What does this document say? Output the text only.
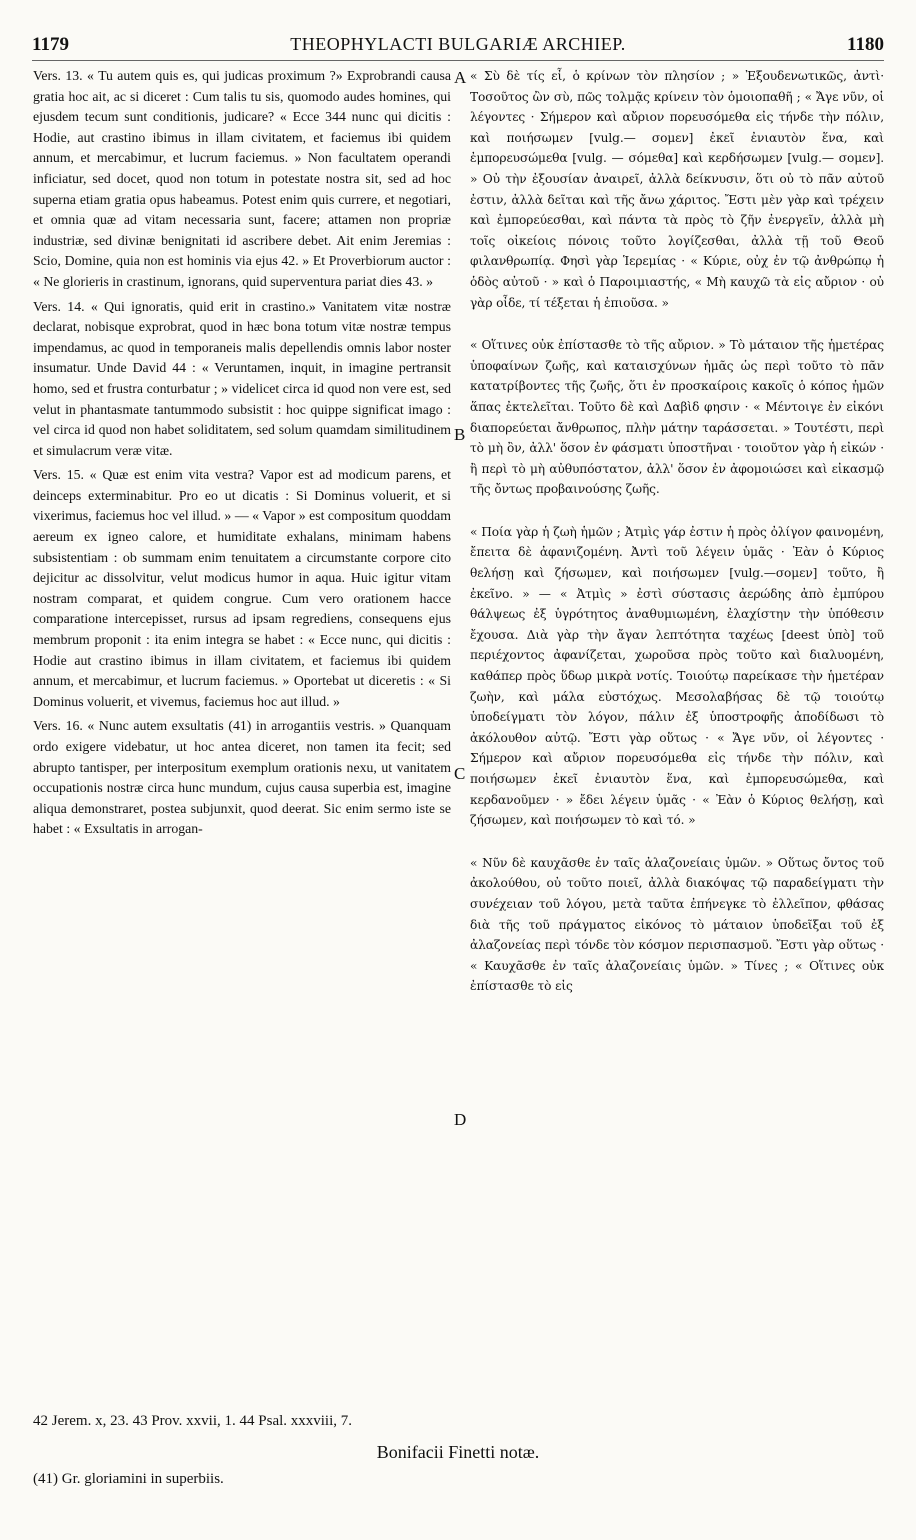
1179	THEOPHYLACTI BULGARIÆ ARCHIEP.	1180

Vers. 13. « Tu autem quis es, qui judicas proximum ?» Exprobrandi causa gratia hoc ait, ac si diceret : Cum talis tu sis, quomodo audes homines, qui ejusdem tecum sunt conditionis, judicare? « Ecce 344 nunc qui dicitis : Hodie, aut crastino ibimus in illam civitatem, et faciemus ibi quidem annum, et mercabimur, et lucrum faciemus. » Non facultatem operandi inficiatur, sed docet, quod non totum in potestate nostra sit, sed ad hoc superna etiam gratia opus habeamus. Potest enim quis currere, et negotiari, et omnia quæ ad vitam necessaria sunt, facere; attamen non propriæ industriæ, sed divinæ benignitati id ascribere debet. Ait enim Jeremias : Scio, Domine, quia non est hominis via ejus 42. » Et Proverbiorum auctor : « Ne glorieris in crastinum, ignorans, quid superventura pariat dies 43. »

Vers. 14. « Qui ignoratis, quid erit in crastino.» Vanitatem vitæ nostræ declarat, nobisque exprobrat, quod in hæc bona totum vitæ nostræ tempus impendamus, ac quod in temporaneis malis depellendis omnis labor noster insumatur. Unde David 44 : « Veruntamen, inquit, in imagine pertransit homo, sed et frustra conturbatur ; » videlicet circa id quod non vere est, sed velut in phantasmate tantummodo subsistit : hoc quippe significat imago : vel circa id quod non habet soliditatem, sed solum quamdam similitudinem et simulacrum veræ vitæ.

Vers. 15. « Quæ est enim vita vestra? Vapor est ad modicum parens, et deinceps exterminabitur. Pro eo ut dicatis : Si Dominus voluerit, et si vixerimus, faciemus hoc vel illud. » — « Vapor » est compositum quoddam aereum ex igneo calore, et humiditate exhalans, minimam habens subsistentiam : ob summam enim tenuitatem a circumstante corpore cito dejicitur ac dissolvitur, velut modicus humor in aqua. Huic igitur vitam nostram comparat, et quidem congrue. Cum vero orationem hacce comparatione intercepisset, rursus ad ipsam regrediens, consequens ejus membrum proponit : ita enim integra se habet : « Ecce nunc, qui dicitis : Hodie aut crastino ibimus in illam civitatem, et faciemus ibi quidem annum, et mercabimur, et lucrum faciemus. » Oportebat ut diceretis : « Si Dominus voluerit, et vivemus, faciemus hoc aut illud. »

Vers. 16. « Nunc autem exsultatis (41) in arrogantiis vestris. » Quanquam ordo exigere videbatur, ut hoc antea diceret, non tamen ita fecit; sed abrupto tantisper, per interpositum exemplum orationis nexu, ut vanitatem occupationis nostræ circa hunc mundum, cujus causa superbia est, imagine aliqua demonstraret, postea subjunxit, quod deerat. Sic enim sermo iste se habet : « Exsultatis in arrogan-

A
B
C
D

« Σὺ δὲ τίς εἶ, ὁ κρίνων τὸν πλησίον ; » Ἐξουδενωτικῶς, ἀντὶ· Τοσοῦτος ὢν σὺ, πῶς τολμᾷς κρίνειν τὸν ὁμοιοπαθῆ ; « Ἄγε νῦν, οἱ λέγοντες · Σήμερον καὶ αὔριον πορευσόμεθα εἰς τήνδε τὴν πόλιν, καὶ ποιήσωμεν [vulg.— σομεν] ἐκεῖ ἐνιαυτὸν ἕνα, καὶ ἐμπορευσώμεθα [vulg. — σόμεθα] καὶ κερδήσωμεν [vulg.— σομεν]. » Οὐ τὴν ἐξουσίαν ἀναιρεῖ, ἀλλὰ δείκνυσιν, ὅτι οὐ τὸ πᾶν αὐτοῦ ἐστιν, ἀλλὰ δεῖται καὶ τῆς ἄνω χάριτος. Ἔστι μὲν γὰρ καὶ τρέχειν καὶ ἐμπορεύεσθαι, καὶ πάντα τὰ πρὸς τὸ ζῆν ἐνεργεῖν, ἀλλὰ μὴ τοῖς οἰκείοις πόνοις τοῦτο λογίζεσθαι, ἀλλὰ τῇ τοῦ Θεοῦ φιλανθρωπίᾳ. Φησὶ γὰρ Ἱερεμίας · « Κύριε, οὐχ ἐν τῷ ἀνθρώπῳ ἡ ὁδὸς αὐτοῦ · » καὶ ὁ Παροιμιαστής, « Μὴ καυχῶ τὰ εἰς αὔριον · οὐ γὰρ οἶδε, τί τέξεται ἡ ἐπιοῦσα. »

« Οἵτινες οὐκ ἐπίστασθε τὸ τῆς αὔριον. » Τὸ μάταιον τῆς ἡμετέρας ὑποφαίνων ζωῆς, καὶ καταισχύνων ἡμᾶς ὡς περὶ τοῦτο τὸ πᾶν κατατρίβοντες τῆς ζωῆς, ὅτι ἐν προσκαίροις κακοῖς ὁ κόπος ἡμῶν ἅπας ἐκτελεῖται. Τοῦτο δὲ καὶ Δαβὶδ φησιν · « Μέντοιγε ἐν εἰκόνι διαπορεύεται ἄνθρωπος, πλὴν μάτην ταράσσεται. » Τουτέστι, περὶ τὸ μὴ ὂν, ἀλλ' ὅσον ἐν φάσματι ὑποστῆναι · τοιοῦτον γὰρ ἡ εἰκών · ἢ περὶ τὸ μὴ αὐθυπόστατον, ἀλλ' ὅσον ἐν ἀφομοιώσει καὶ εἰκασμῷ τῆς ὄντως προβαινούσης ζωῆς.

« Ποία γὰρ ἡ ζωὴ ἡμῶν ; Ἀτμὶς γάρ ἐστιν ἡ πρὸς ὀλίγον φαινομένη, ἔπειτα δὲ ἀφανιζομένη. Ἀντὶ τοῦ λέγειν ὑμᾶς · Ἐὰν ὁ Κύριος θελήσῃ καὶ ζήσωμεν, καὶ ποιήσωμεν [vulg.—σομεν] τοῦτο, ἢ ἐκεῖνο. » — « Ἀτμὶς » ἐστὶ σύστασις ἀερώδης ἀπὸ ἐμπύρου θάλψεως ἐξ ὑγρότητος ἀναθυμιωμένη, ἐλαχίστην τὴν ὑπόθεσιν ἔχουσα. Διὰ γὰρ τὴν ἄγαν λεπτότητα ταχέως [deest ὑπὸ] τοῦ περιέχοντος ἀφανίζεται, χωροῦσα πρὸς τοῦτο καὶ διαλυομένη, καθάπερ πρὸς ὕδωρ μικρὰ νοτίς. Τοιούτῳ παρείκασε τὴν ἡμετέραν ζωὴν, καὶ μάλα εὐστόχως. Μεσολαβήσας δὲ τῷ τοιούτῳ ὑποδείγματι τὸν λόγον, πάλιν ἐξ ὑποστροφῆς ἀποδίδωσι τὸ ἀκόλουθον αὐτῷ. Ἔστι γὰρ οὕτως · « Ἄγε νῦν, οἱ λέγοντες · Σήμερον καὶ αὔριον πορευσόμεθα εἰς τήνδε τὴν πόλιν, καὶ ποιήσωμεν ἐκεῖ ἐνιαυτὸν ἕνα, καὶ ἐμπορευσώμεθα, καὶ κερδανοῦμεν · » ἔδει λέγειν ὑμᾶς · « Ἐὰν ὁ Κύριος θελήσῃ, καὶ ζήσωμεν, καὶ ποιήσωμεν τὸ καὶ τό. »

« Νῦν δὲ καυχᾶσθε ἐν ταῖς ἀλαζονείαις ὑμῶν. » Οὕτως ὄντος τοῦ ἀκολούθου, οὐ τοῦτο ποιεῖ, ἀλλὰ διακόψας τῷ παραδείγματι τὴν συνέχειαν τοῦ λόγου, μετὰ ταῦτα ἐπήνεγκε τὸ ἐλλεῖπον, φθάσας διὰ τῆς τοῦ πράγματος εἰκόνος τὸ μάταιον ὑποδεῖξαι τοῦ ἐξ ἀλαζονείας περὶ τόνδε τὸν κόσμον περισπασμοῦ. Ἔστι γὰρ οὕτως · « Καυχᾶσθε ἐν ταῖς ἀλαζονείαις ὑμῶν. » Τίνες ; « Οἵτινες οὐκ ἐπίστασθε τὸ εἰς

42 Jerem. x, 23. 43 Prov. xxvii, 1. 44 Psal. xxxviii, 7.

Bonifacii Finetti notæ.

(41) Gr. gloriamini in superbiis.
